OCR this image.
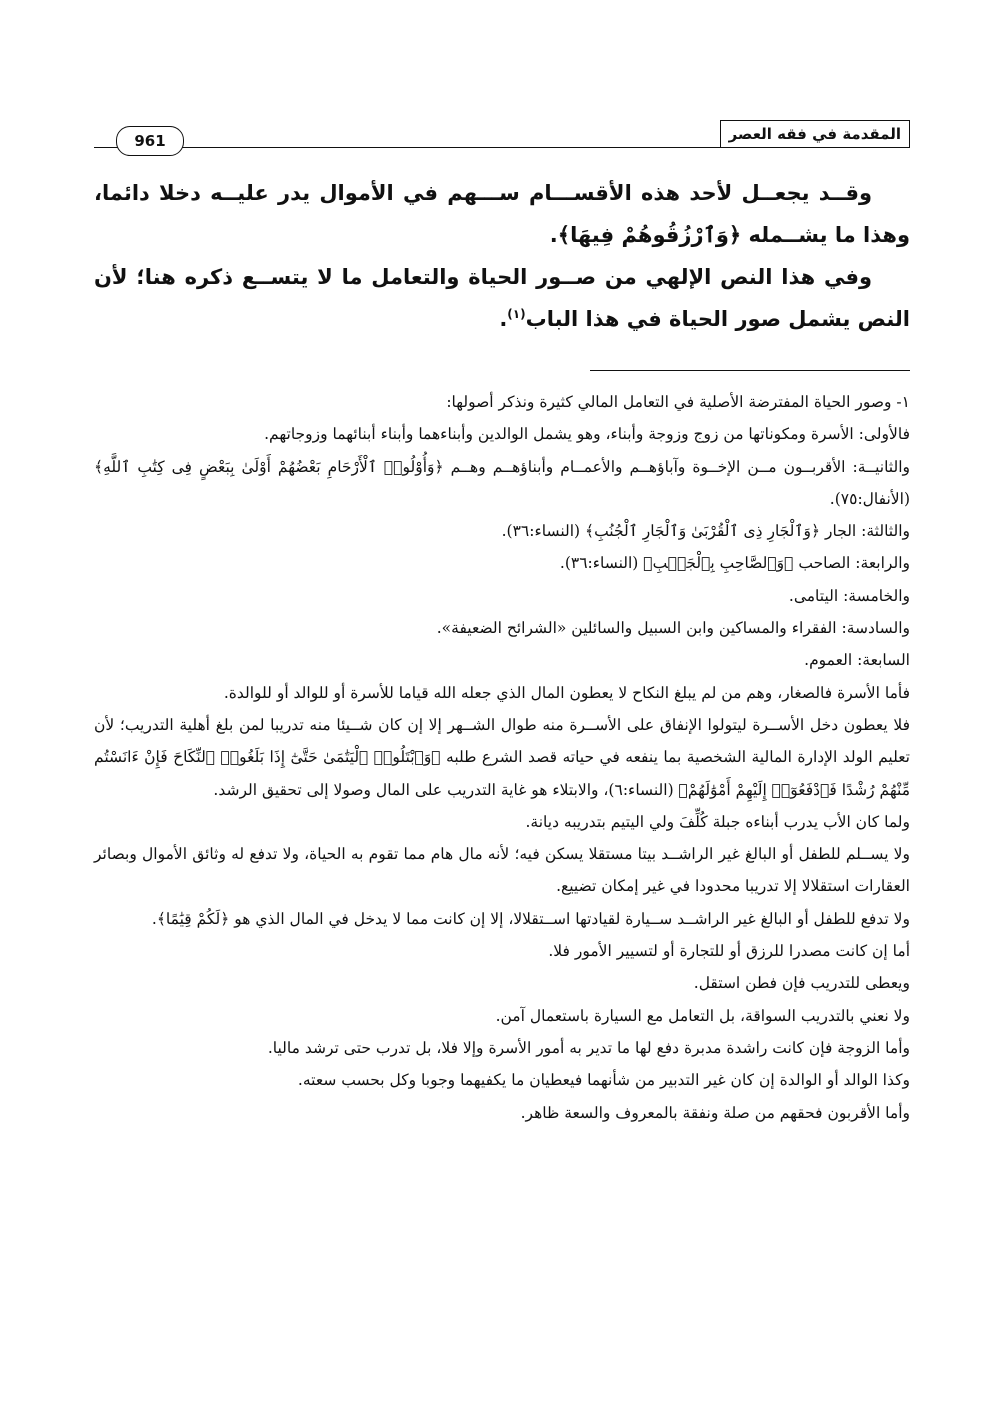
المقدمة في فقه العصر
961

وقــد يجعــل لأحد هذه الأقســـام ســـهم في الأموال يدر عليــه دخلا دائما، وهذا ما يشــمله ﴿وَٱرْزُقُوهُمْ فِيهَا﴾.

وفي هذا النص الإلهي من صــور الحياة والتعامل ما لا يتســع ذكره هنا؛ لأن النص يشمل صور الحياة في هذا الباب$^{(١)}$.

١- وصور الحياة المفترضة الأصلية في التعامل المالي كثيرة ونذكر أصولها:

فالأولى: الأسرة ومكوناتها من زوج وزوجة وأبناء، وهو يشمل الوالدين وأبناءهما وأبناء أبنائهما وزوجاتهم.

والثانيــة: الأقربــون مــن الإخــوة وآباؤهــم والأعمــام وأبناؤهــم وهــم ﴿وَأُوْلُوا۟ ٱلْأَرْحَامِ بَعْضُهُمْ أَوْلَىٰ بِبَعْضٍ فِى كِتَٰبِ ٱللَّهِ﴾ (الأنفال:٧٥).

والثالثة: الجار ﴿وَٱلْجَارِ ذِى ٱلْقُرْبَىٰ وَٱلْجَارِ ٱلْجُنُبِ﴾ (النساء:٣٦).

والرابعة: الصاحب ﴿وَٱلصَّاحِبِ بِٱلْجَنۢبِ﴾ (النساء:٣٦).

والخامسة: اليتامى.

والسادسة: الفقراء والمساكين وابن السبيل والسائلين «الشرائح الضعيفة».

السابعة: العموم.

فأما الأسرة فالصغار، وهم من لم يبلغ النكاح لا يعطون المال الذي جعله الله قياما للأسرة أو للوالد أو للوالدة.

فلا يعطون دخل الأســرة ليتولوا الإنفاق على الأســرة منه طوال الشــهر إلا إن كان شــيئا منه تدريبا لمن بلغ أهلية التدريب؛ لأن تعليم الولد الإدارة المالية الشخصية بما ينفعه في حياته قصد الشرع طلبه ﴿وَٱبْتَلُوا۟ ٱلْيَتَٰمَىٰ حَتَّىٰٓ إِذَا بَلَغُوا۟ ٱلنِّكَاحَ فَإِنْ ءَانَسْتُم مِّنْهُمْ رُشْدًا فَٱدْفَعُوٓا۟ إِلَيْهِمْ أَمْوَٰلَهُمْ﴾ (النساء:٦)، والابتلاء هو غاية التدريب على المال وصولا إلى تحقيق الرشد.

ولما كان الأب يدرب أبناءه جبلة كُلِّفَ ولي اليتيم بتدريبه ديانة.

ولا يســلم للطفل أو البالغ غير الراشــد بيتا مستقلا يسكن فيه؛ لأنه مال هام مما تقوم به الحياة، ولا تدفع له وثائق الأموال وبصائر العقارات استقلالا إلا تدريبا محدودا في غير إمكان تضييع.

ولا تدفع للطفل أو البالغ غير الراشــد ســيارة لقيادتها اســتقلالا، إلا إن كانت مما لا يدخل في المال الذي هو ﴿لَكُمْ قِيَٰمًا﴾.

أما إن كانت مصدرا للرزق أو للتجارة أو لتسيير الأمور فلا.

ويعطى للتدريب فإن فطن استقل.

ولا نعني بالتدريب السواقة، بل التعامل مع السيارة باستعمال آمن.

وأما الزوجة فإن كانت راشدة مدبرة دفع لها ما تدير به أمور الأسرة وإلا فلا، بل تدرب حتى ترشد ماليا.

وكذا الوالد أو الوالدة إن كان غير التدبير من شأنهما فيعطيان ما يكفيهما وجوبا وكل بحسب سعته.

وأما الأقربون فحقهم من صلة ونفقة بالمعروف والسعة ظاهر.
